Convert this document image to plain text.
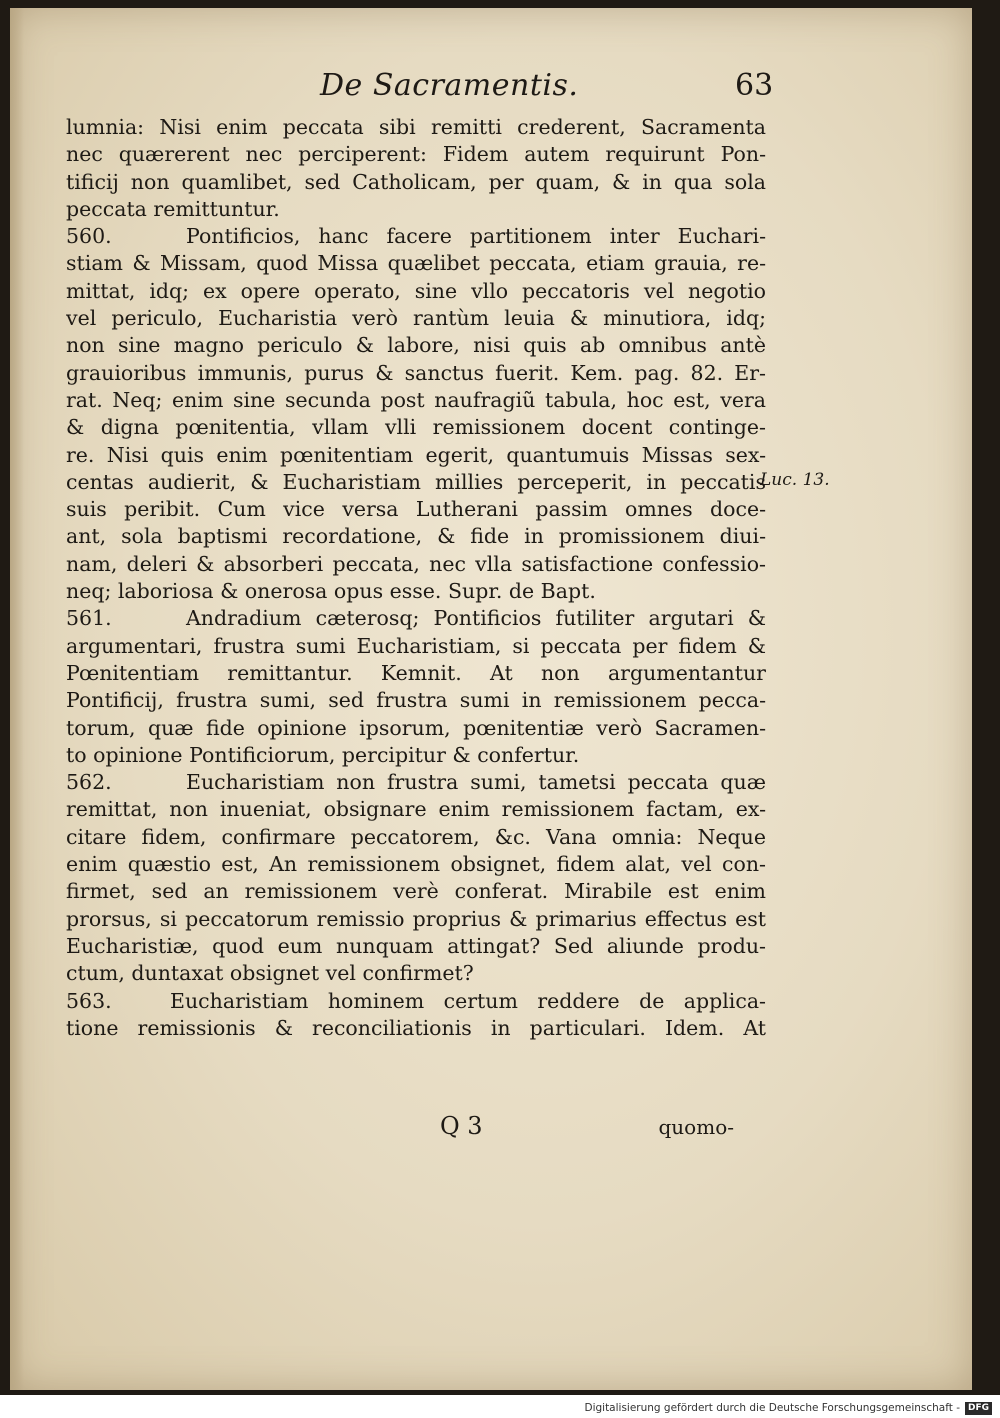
De Sacramentis.	63
lumnia: Nisi enim peccata sibi remitti crederent, Sacramenta
nec quærerent nec perciperent: Fidem autem requirunt Pon-
tificij non quamlibet, sed Catholicam, per quam, & in qua sola
peccata remittuntur.
560.	Pontificios, hanc facere partitionem inter Euchari-
stiam & Missam, quod Missa quælibet peccata, etiam grauia, re-
mittat, idq; ex opere operato, sine vllo peccatoris vel negotio
vel periculo, Eucharistia verò rantùm leuia & minutiora, idq;
non sine magno periculo & labore, nisi quis ab omnibus antè
grauioribus immunis, purus & sanctus fuerit. Kem. pag. 82. Er-
rat. Neq; enim sine secunda post naufragiũ tabula, hoc est, vera
& digna pœnitentia, vllam vlli remissionem docent continge-
re. Nisi quis enim pœnitentiam egerit, quantumuis Missas sex-
centas audierit, & Eucharistiam millies perceperit, in peccatis
suis peribit. Cum vice versa Lutherani passim omnes doce-
ant, sola baptismi recordatione, & fide in promissionem diui-
nam, deleri & absorberi peccata, nec vlla satisfactione confessio-
neq; laboriosa & onerosa opus esse. Supr. de Bapt.
561.	Andradium cæterosq; Pontificios futiliter argutari &
argumentari, frustra sumi Eucharistiam, si peccata per fidem &
Pœnitentiam remittantur. Kemnit. At non argumentantur
Pontificij, frustra sumi, sed frustra sumi in remissionem pecca-
torum, quæ fide opinione ipsorum, pœnitentiæ verò Sacramen-
to opinione Pontificiorum, percipitur & confertur.
562.	Eucharistiam non frustra sumi, tametsi peccata quæ
remittat, non inueniat, obsignare enim remissionem factam, ex-
citare fidem, confirmare peccatorem, &c. Vana omnia: Neque
enim quæstio est, An remissionem obsignet, fidem alat, vel con-
firmet, sed an remissionem verè conferat. Mirabile est enim
prorsus, si peccatorum remissio proprius & primarius effectus est
Eucharistiæ, quod eum nunquam attingat? Sed aliunde produ-
ctum, duntaxat obsignet vel confirmet?
563.	Eucharistiam hominem certum reddere de applica-
tione remissionis & reconciliationis in particulari. Idem. At
Luc. 13.
Q 3	quomo-
Digitalisierung gefördert durch die Deutsche Forschungsgemeinschaft - DFG
